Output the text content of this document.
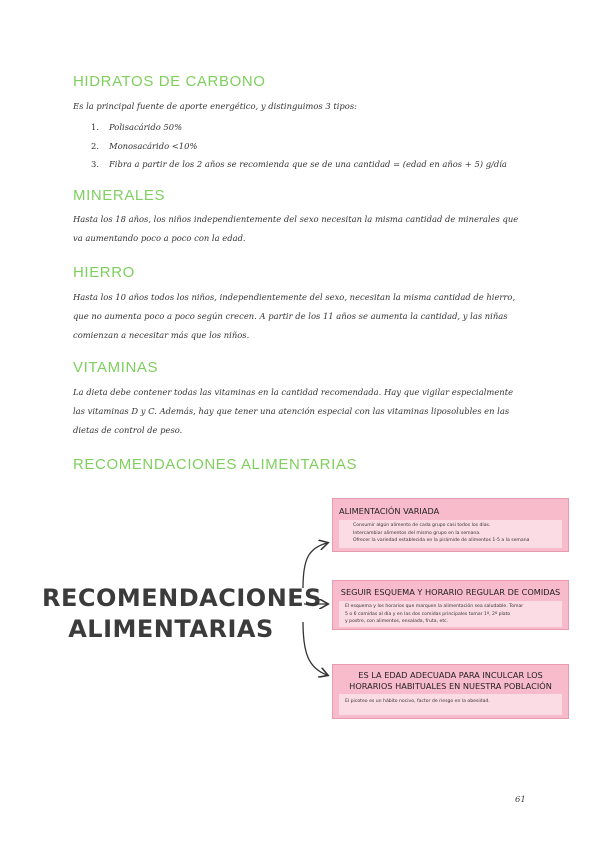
HIDRATOS DE CARBONO

Es la principal fuente de aporte energético, y distinguimos 3 tipos:

1. Polisacárido 50%
2. Monosacárido <10%
3. Fibra a partir de los 2 años se recomienda que se de una cantidad = (edad en años + 5) g/día
MINERALES

Hasta los 18 años, los niños independientemente del sexo necesitan la misma cantidad de minerales que va aumentando poco a poco con la edad.

HIERRO

Hasta los 10 años todos los niños, independientemente del sexo, necesitan la misma cantidad de hierro, que no aumenta poco a poco según crecen. A partir de los 11 años se aumenta la cantidad, y las niñas comienzan a necesitar más que los niños.

VITAMINAS

La dieta debe contener todas las vitaminas en la cantidad recomendada. Hay que vigilar especialmente las vitaminas D y C. Además, hay que tener una atención especial con las vitaminas liposolubles en las dietas de control de peso.

RECOMENDACIONES ALIMENTARIAS
RECOMENDACIONES
ALIMENTARIAS
ALIMENTACIÓN VARIADA
• Consumir algún alimento de cada grupo casi todos los días.
• Intercambiar alimentos del mismo grupo en la semana.
• Ofrecer la variedad establecida en la pirámide de alimentos 1-5 a la semana
SEGUIR ESQUEMA Y HORARIO REGULAR DE COMIDAS

El esquema y los horarios que marquen la alimentación sea saludable. Tomar

5 o 6 comidas al día y en las dos comidas principales tomar 1º, 2º plato

y postre, con alimentos, ensalada, fruta, etc.

ES LA EDAD ADECUADA PARA INCULCAR LOS
HORARIOS HABITUALES EN NUESTRA POBLACIÓN

El picoteo es un hábito nocivo, factor de riesgo en la obesidad.

61
